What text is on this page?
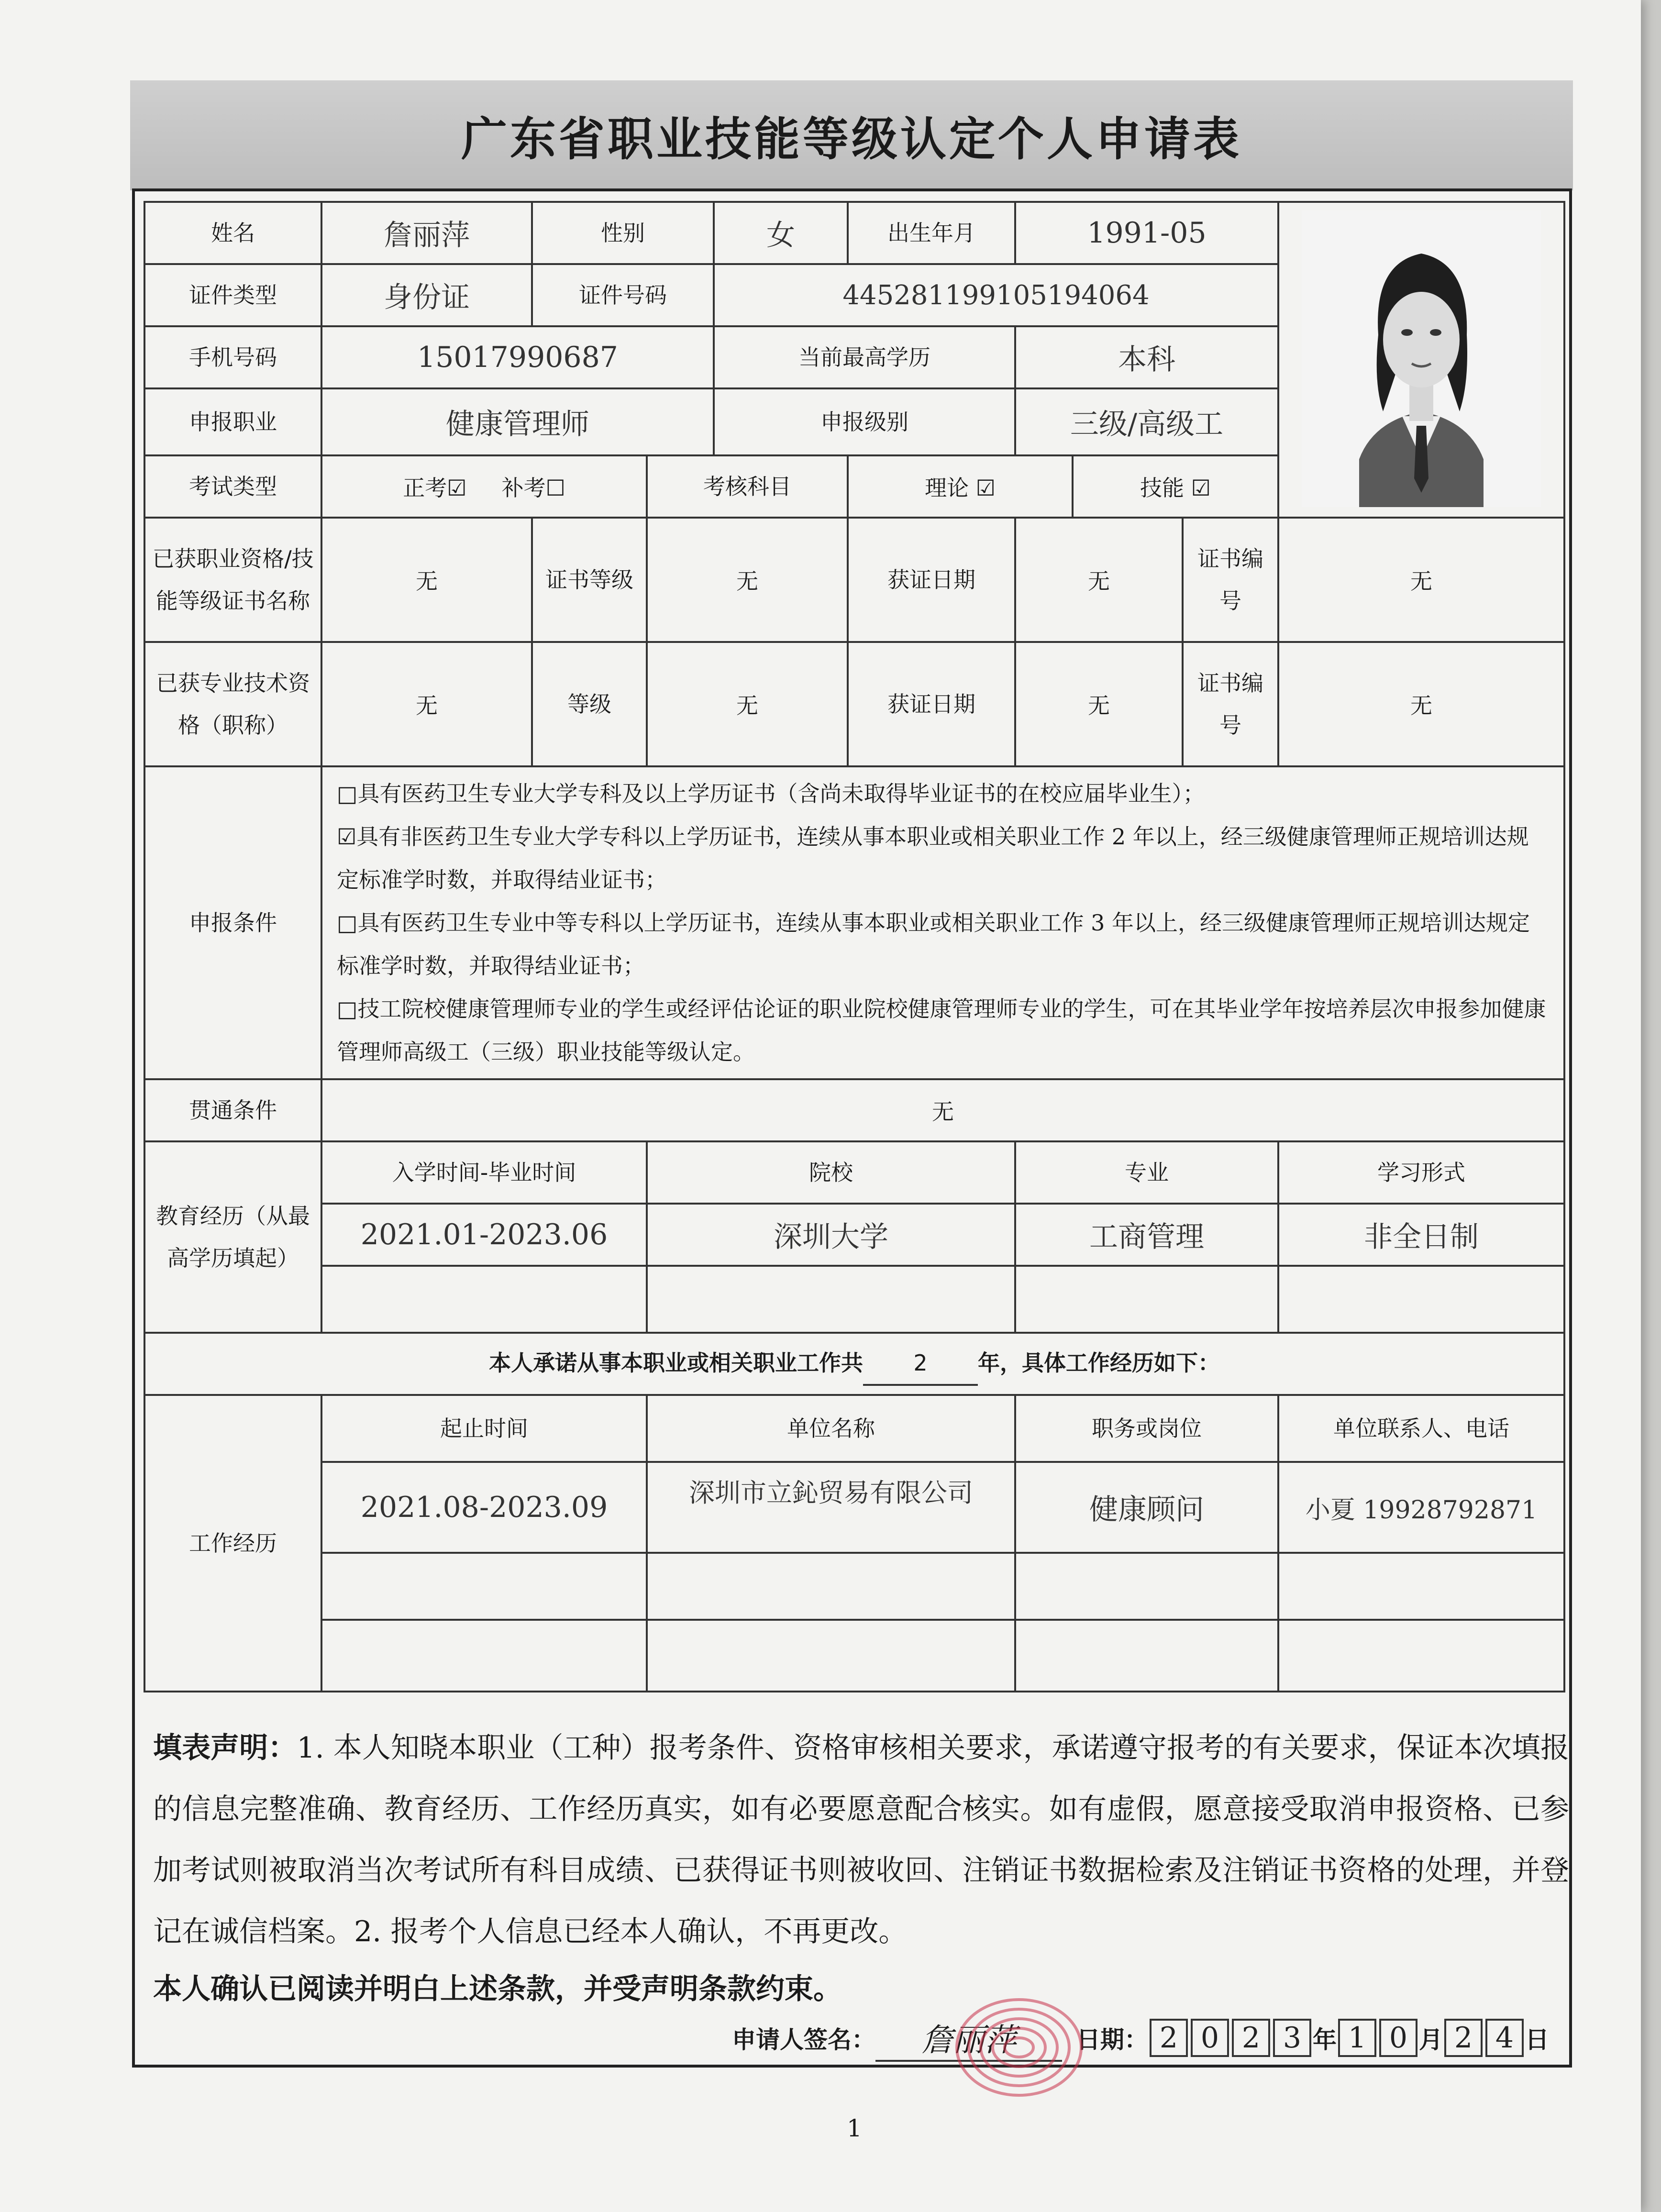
广东省职业技能等级认定个人申请表
姓名	詹丽萍	性别		女	出生年月	1991-05	
证件类型	身份证	证件号码		445281199105194064					
手机号码	15017990687			当前最高学历		本科			
申报职业	健康管理师			申报级别		三级/高级工			
考试类型	正考☑ 补考☐		考核科目		理论 ☑		技能 ☑		
已获职业资格/技能等级证书名称	无	证书等级	无		获证日期	无		证书编号	无
已获专业技术资格（职称）	无	等级	无		获证日期	无		证书编号	无
申报条件	□具有医药卫生专业大学专科及以上学历证书（含尚未取得毕业证书的在校应届毕业生）；
☑具有非医药卫生专业大学专科以上学历证书，连续从事本职业或相关职业工作 2 年以上，经三级健康管理师正规培训达规定标准学时数，并取得结业证书；
□具有医药卫生专业中等专科以上学历证书，连续从事本职业或相关职业工作 3 年以上，经三级健康管理师正规培训达规定标准学时数，并取得结业证书；
□技工院校健康管理师专业的学生或经评估论证的职业院校健康管理师专业的学生，可在其毕业学年按培养层次申报参加健康管理师高级工（三级）职业技能等级认定。								

贯通条件	无								
教育经历（从最高学历填起）	入学时间-毕业时间		院校			专业			学习形式
	2021.01-2023.06		深圳大学			工商管理			非全日制

本人承诺从事本职业或相关职业工作共 2 年，具体工作经历如下：									
工作经历	起止时间		单位名称			职务或岗位			单位联系人、电话
	2021.08-2023.09		深圳市立鈊贸易有限公司			健康顾问			小夏 19928792871

填表声明：1. 本人知晓本职业（工种）报考条件、资格审核相关要求，承诺遵守报考的有关要求，保证本次填报的信息完整准确、教育经历、工作经历真实，如有必要愿意配合核实。如有虚假，愿意接受取消申报资格、已参加考试则被取消当次考试所有科目成绩、已获得证书则被收回、注销证书数据检索及注销证书资格的处理，并登记在诚信档案。2. 报考个人信息已经本人确认，不再更改。
本人确认已阅读并明白上述条款，并受声明条款约束。
申请人签名：	詹丽萍	日期： 2 0 2 3 年 1 0 月 2 4 日
1
